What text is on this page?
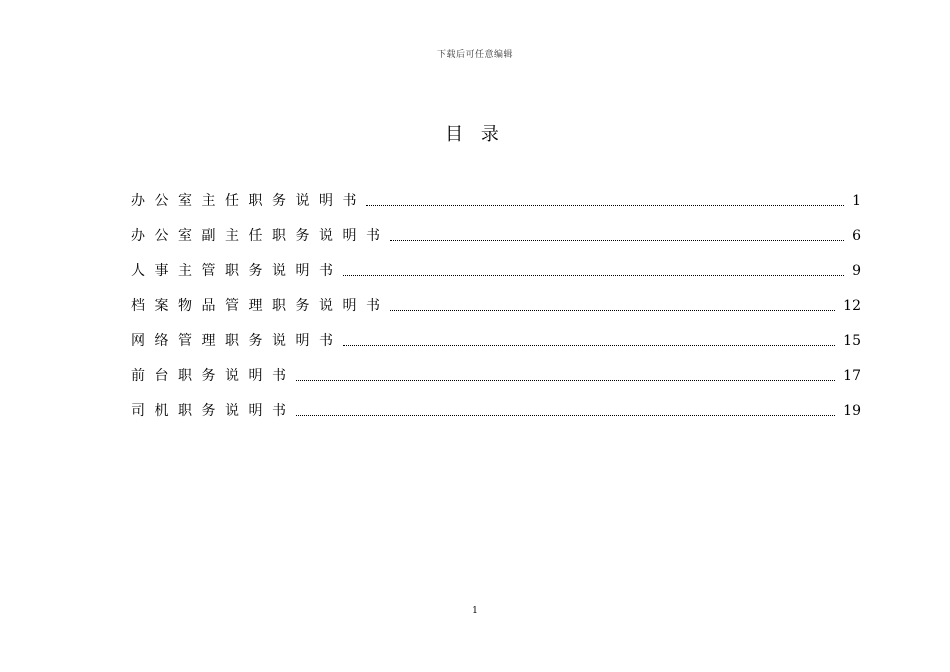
下载后可任意编辑
目 录
办公室主任职务说明书	1
办公室副主任职务说明书	6
人事主管职务说明书	9
档案物品管理职务说明书	12
网络管理职务说明书	15
前台职务说明书	17
司机职务说明书	19
1
